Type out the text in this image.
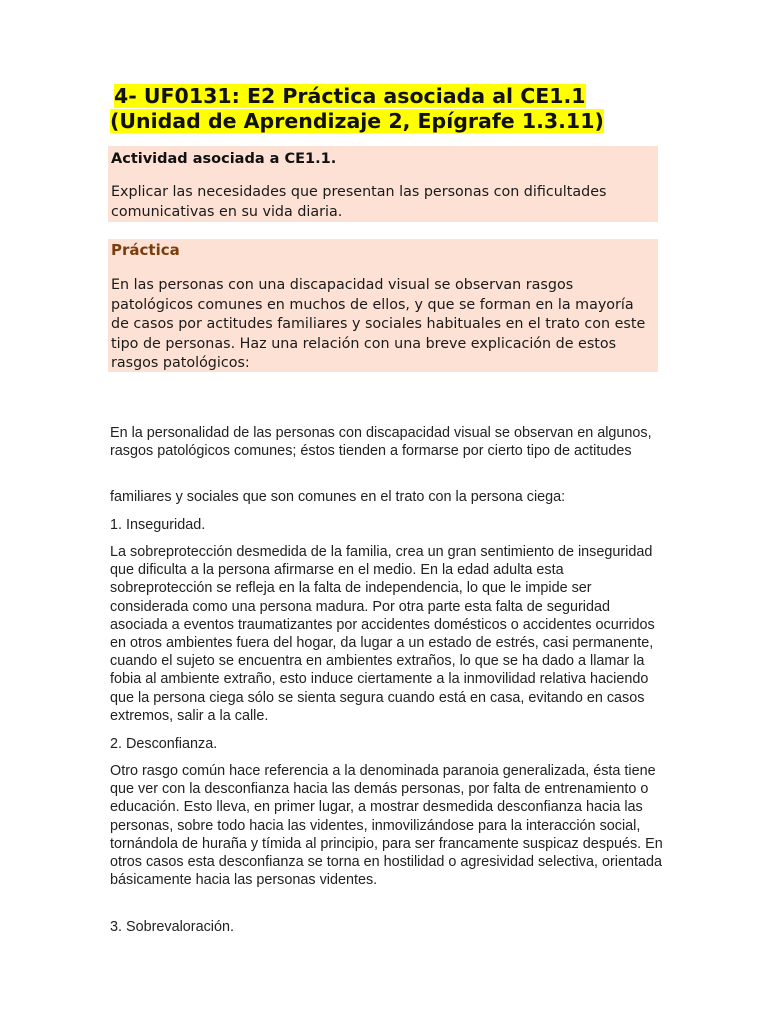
4- UF0131: E2 Práctica asociada al CE1.1
(Unidad de Aprendizaje 2, Epígrafe 1.3.11)
Actividad asociada a CE1.1.
Explicar las necesidades que presentan las personas con dificultades comunicativas en su vida diaria.
Práctica
En las personas con una discapacidad visual se observan rasgos patológicos comunes en muchos de ellos, y que se forman en la mayoría de casos por actitudes familiares y sociales habituales en el trato con este tipo de personas. Haz una relación con una breve explicación de estos rasgos patológicos:

En la personalidad de las personas con discapacidad visual se observan en algunos, rasgos patológicos comunes; éstos tienden a formarse por cierto tipo de actitudes

familiares y sociales que son comunes en el trato con la persona ciega:

1. Inseguridad.

La sobreprotección desmedida de la familia, crea un gran sentimiento de inseguridad que dificulta a la persona afirmarse en el medio. En la edad adulta esta sobreprotección se refleja en la falta de independencia, lo que le impide ser considerada como una persona madura. Por otra parte esta falta de seguridad asociada a eventos traumatizantes por accidentes domésticos o accidentes ocurridos en otros ambientes fuera del hogar, da lugar a un estado de estrés, casi permanente, cuando el sujeto se encuentra en ambientes extraños, lo que se ha dado a llamar la fobia al ambiente extraño, esto induce ciertamente a la inmovilidad relativa haciendo que la persona ciega sólo se sienta segura cuando está en casa, evitando en casos extremos, salir a la calle.

2. Desconfianza.

Otro rasgo común hace referencia a la denominada paranoia generalizada, ésta tiene que ver con la desconfianza hacia las demás personas, por falta de entrenamiento o educación. Esto lleva, en primer lugar, a mostrar desmedida desconfianza hacia las personas, sobre todo hacia las videntes, inmovilizándose para la interacción social, tornándola de huraña y tímida al principio, para ser francamente suspicaz después. En otros casos esta desconfianza se torna en hostilidad o agresividad selectiva, orientada básicamente hacia las personas videntes.

3. Sobrevaloración.
